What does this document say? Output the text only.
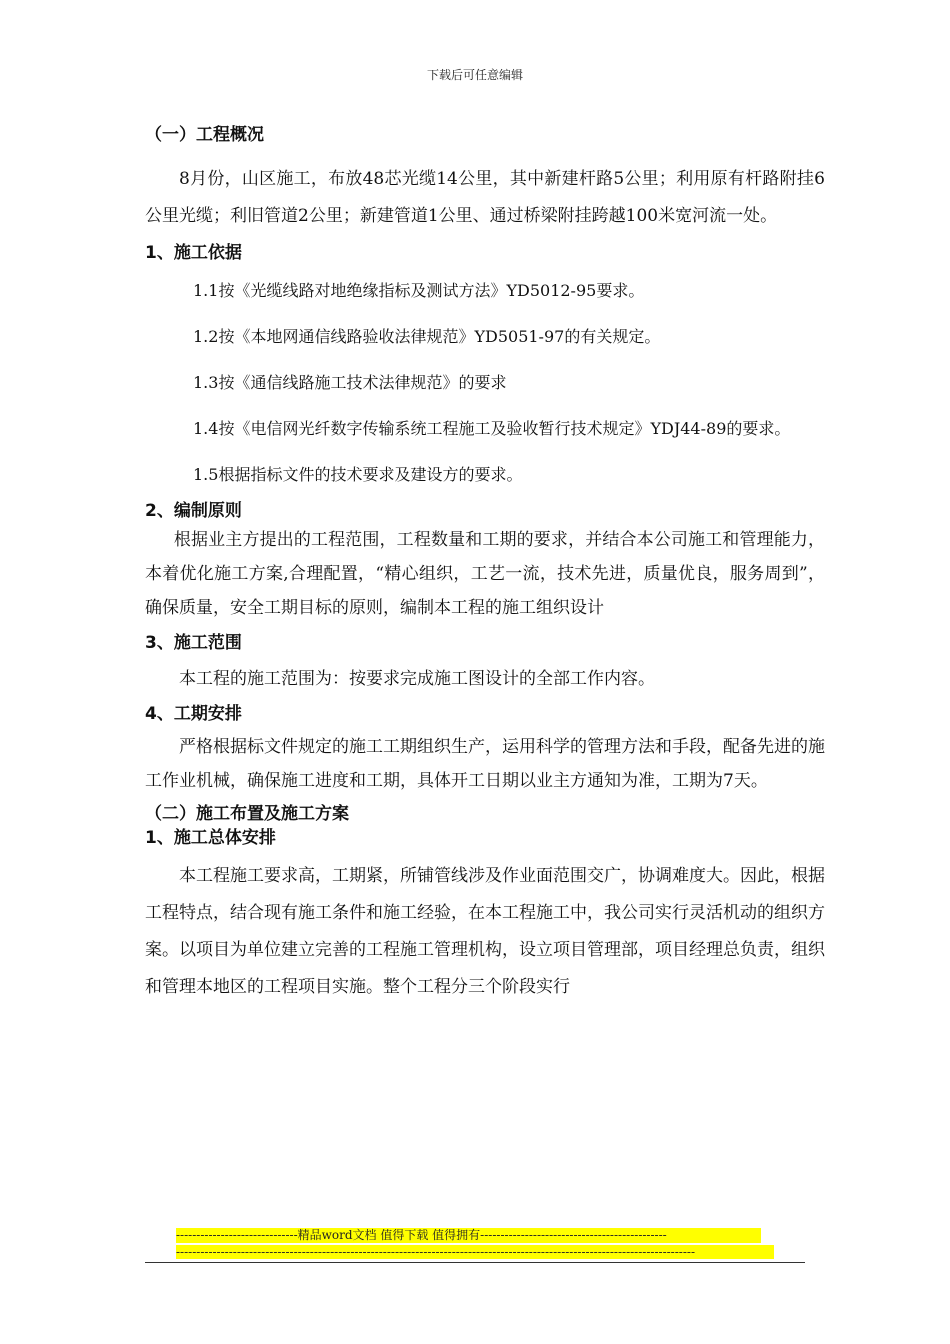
下载后可任意编辑

（一）工程概况

8月份，山区施工，布放48芯光缆14公里，其中新建杆路5公里；利用原有杆路附挂6公里光缆；利旧管道2公里；新建管道1公里、通过桥梁附挂跨越100米宽河流一处。

1、施工依据

1.1按《光缆线路对地绝缘指标及测试方法》YD5012-95要求。

1.2按《本地网通信线路验收法律规范》YD5051-97的有关规定。

1.3按《通信线路施工技术法律规范》的要求

1.4按《电信网光纤数字传输系统工程施工及验收暂行技术规定》YDJ44-89的要求。

1.5根据指标文件的技术要求及建设方的要求。

2、编制原则

根据业主方提出的工程范围，工程数量和工期的要求，并结合本公司施工和管理能力，本着优化施工方案,合理配置，“精心组织，工艺一流，技术先进，质量优良，服务周到”，确保质量，安全工期目标的原则，编制本工程的施工组织设计

3、施工范围

本工程的施工范围为：按要求完成施工图设计的全部工作内容。

4、工期安排

严格根据标文件规定的施工工期组织生产，运用科学的管理方法和手段，配备先进的施工作业机械，确保施工进度和工期，具体开工日期以业主方通知为准，工期为7天。

（二）施工布置及施工方案

1、施工总体安排

本工程施工要求高，工期紧，所铺管线涉及作业面范围交广，协调难度大。因此，根据工程特点，结合现有施工条件和施工经验，在本工程施工中，我公司实行灵活机动的组织方案。以项目为单位建立完善的工程施工管理机构，设立项目管理部，项目经理总负责，组织和管理本地区的工程项目实施。整个工程分三个阶段实行

------------------------------精品word文档 值得下载 值得拥有----------------------------------------------
--------------------------------------------------------------------------------------------------------------------------------
